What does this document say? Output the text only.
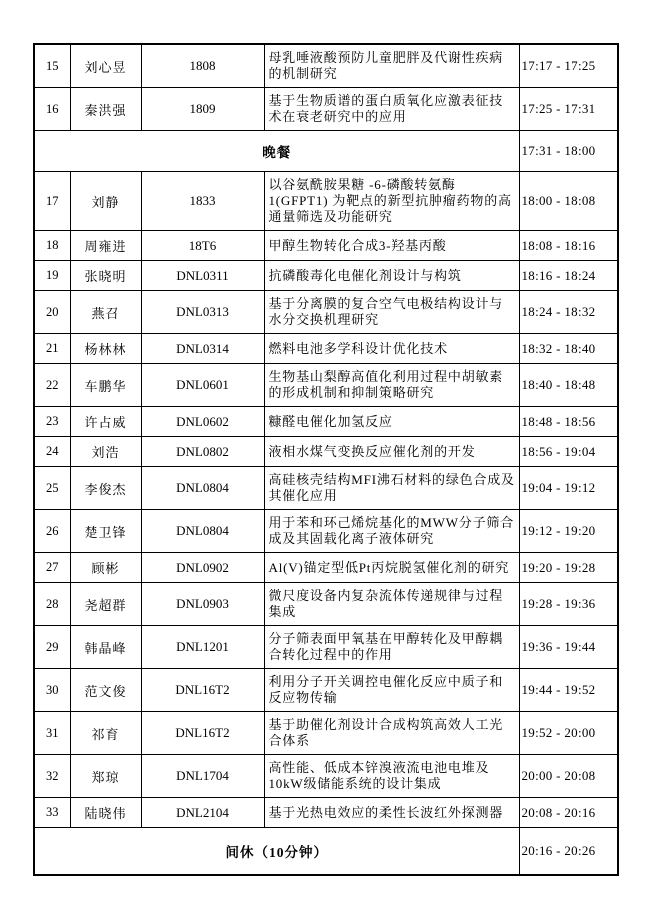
15	刘心昱	1808	母乳唾液酸预防儿童肥胖及代谢性疾病的机制研究	17:17 - 17:25
16	秦洪强	1809	基于生物质谱的蛋白质氧化应激表征技术在衰老研究中的应用	17:25 - 17:31
晚餐				17:31 - 18:00
17	刘静	1833	以谷氨酰胺果糖 -6-磷酸转氨酶 1(GFPT1) 为靶点的新型抗肿瘤药物的高通量筛选及功能研究	18:00 - 18:08
18	周雍进	18T6	甲醇生物转化合成3-羟基丙酸	18:08 - 18:16
19	张晓明	DNL0311	抗磷酸毒化电催化剂设计与构筑	18:16 - 18:24
20	燕召	DNL0313	基于分离膜的复合空气电极结构设计与水分交换机理研究	18:24 - 18:32
21	杨林林	DNL0314	燃料电池多学科设计优化技术	18:32 - 18:40
22	车鹏华	DNL0601	生物基山梨醇高值化利用过程中胡敏素的形成机制和抑制策略研究	18:40 - 18:48
23	许占威	DNL0602	糠醛电催化加氢反应	18:48 - 18:56
24	刘浩	DNL0802	液相水煤气变换反应催化剂的开发	18:56 - 19:04
25	李俊杰	DNL0804	高硅核壳结构MFI沸石材料的绿色合成及其催化应用	19:04 - 19:12
26	楚卫锋	DNL0804	用于苯和环己烯烷基化的MWW分子筛合成及其固载化离子液体研究	19:12 - 19:20
27	顾彬	DNL0902	Al(V)锚定型低Pt丙烷脱氢催化剂的研究	19:20 - 19:28
28	尧超群	DNL0903	微尺度设备内复杂流体传递规律与过程集成	19:28 - 19:36
29	韩晶峰	DNL1201	分子筛表面甲氧基在甲醇转化及甲醇耦合转化过程中的作用	19:36 - 19:44
30	范文俊	DNL16T2	利用分子开关调控电催化反应中质子和反应物传输	19:44 - 19:52
31	祁育	DNL16T2	基于助催化剂设计合成构筑高效人工光合体系	19:52 - 20:00
32	郑琼	DNL1704	高性能、低成本锌溴液流电池电堆及10kW级储能系统的设计集成	20:00 - 20:08
33	陆晓伟	DNL2104	基于光热电效应的柔性长波红外探测器	20:08 - 20:16
间休（10分钟）				20:16 - 20:26
